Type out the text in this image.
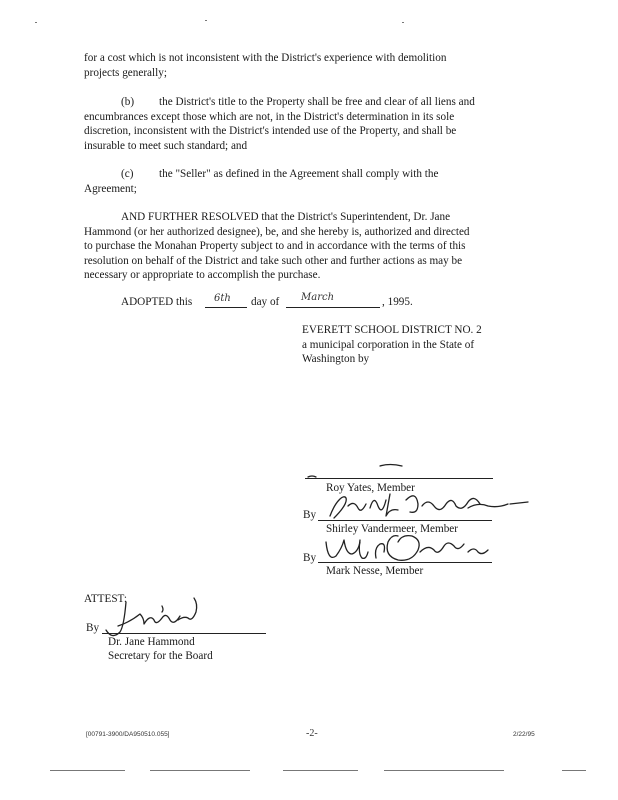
for a cost which is not inconsistent with the District's experience with demolition
projects generally;
(b) the District's title to the Property shall be free and clear of all liens and
encumbrances except those which are not, in the District's determination in its sole
discretion, inconsistent with the District's intended use of the Property, and shall be
insurable to meet such standard; and
(c) the "Seller" as defined in the Agreement shall comply with the
Agreement;
AND FURTHER RESOLVED that the District's Superintendent, Dr. Jane
Hammond (or her authorized designee), be, and she hereby is, authorized and directed
to purchase the Monahan Property subject to and in accordance with the terms of this
resolution on behalf of the District and take such other and further actions as may be
necessary or appropriate to accomplish the purchase.
ADOPTED this 6th day of March	, 1995.
EVERETT SCHOOL DISTRICT NO. 2
a municipal corporation in the State of
Washington by
Roy Yates, Member
By
Shirley Vandermeer, Member
By
Mark Nesse, Member
ATTEST:
By
Dr. Jane Hammond
Secretary for the Board
[00791-3900/DA950510.055]	-2-	2/22/95
